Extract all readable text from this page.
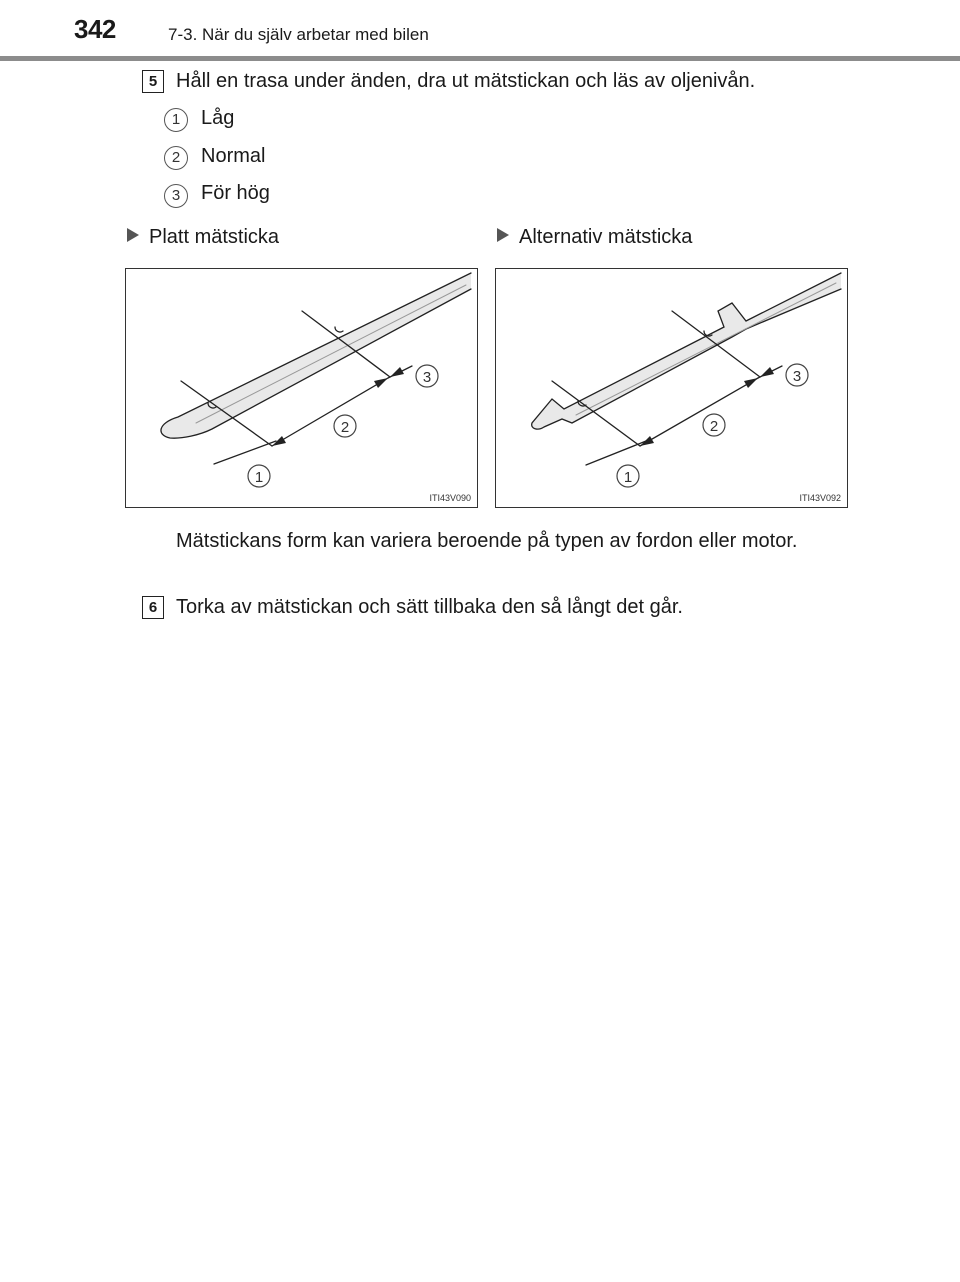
342	7-3. När du själv arbetar med bilen
5 Håll en trasa under änden, dra ut mätstickan och läs av oljenivån.
1	Låg
2	Normal
3	För hög
Platt mätsticka	Alternativ mätsticka
1
2
3
ITI43V090
1
2
3
ITI43V092
Mätstickans form kan variera beroende på typen av fordon eller motor.
6 Torka av mätstickan och sätt tillbaka den så långt det går.
